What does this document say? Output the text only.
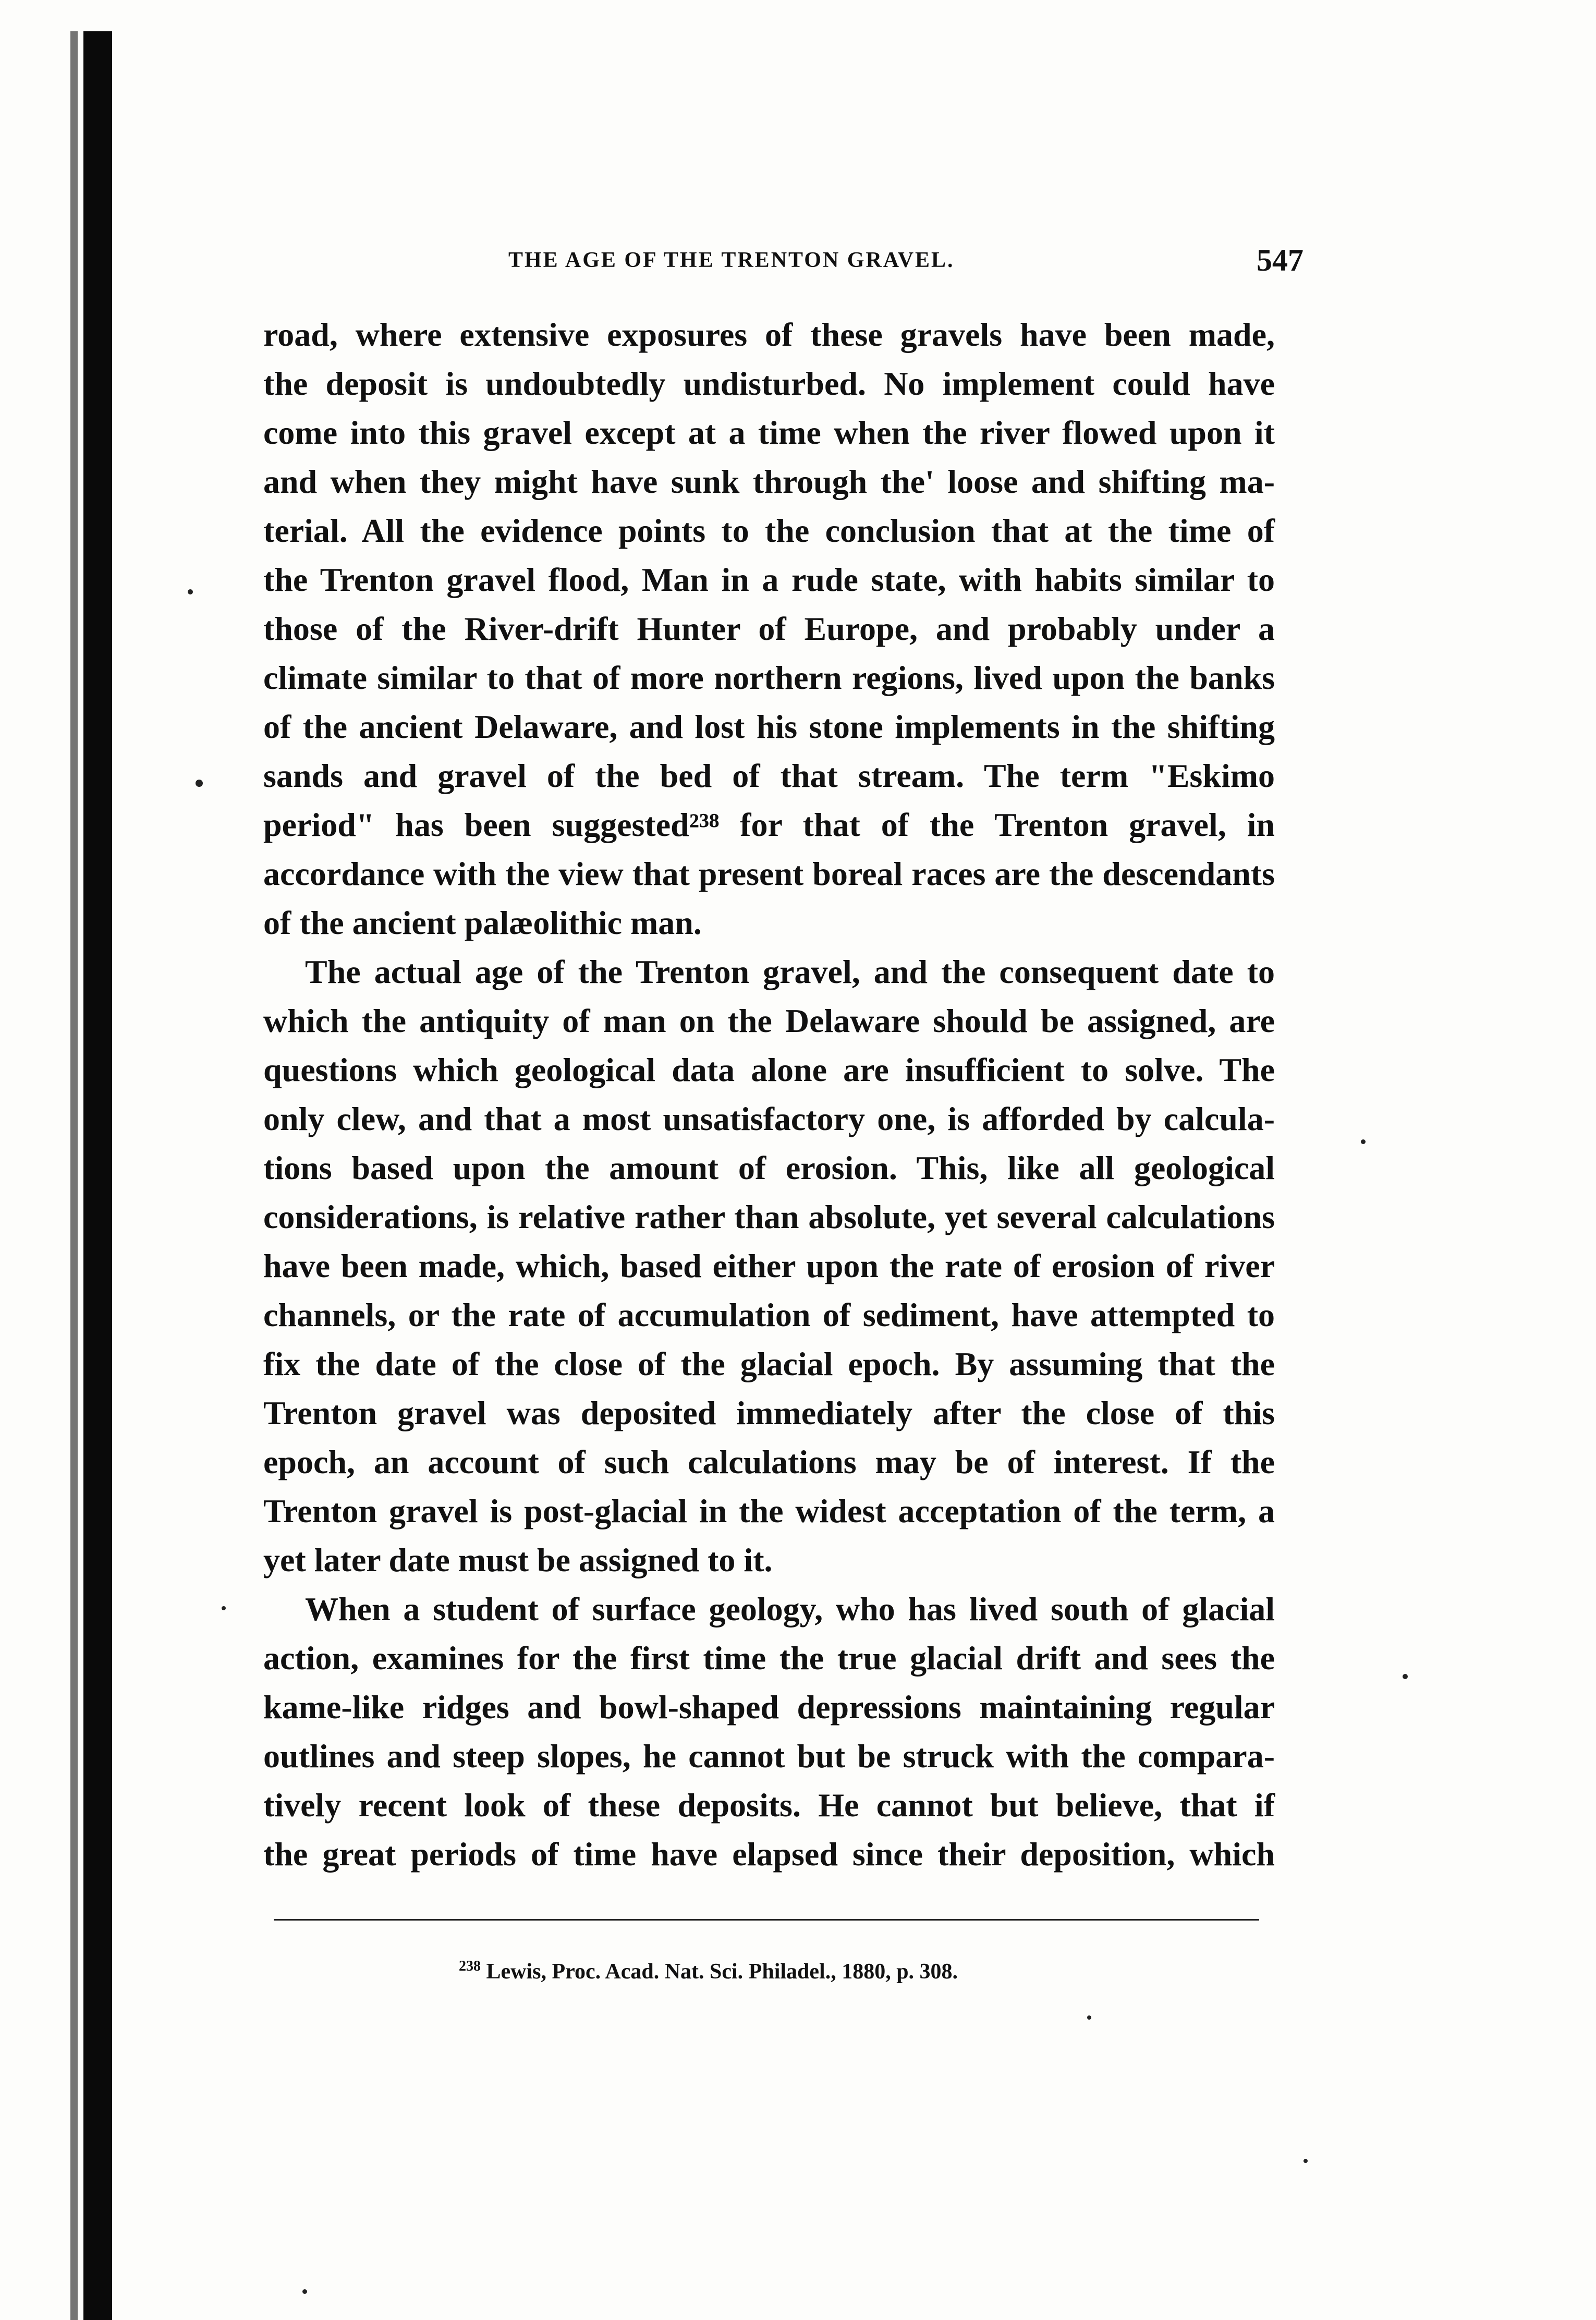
THE AGE OF THE TRENTON GRAVEL.	547

road, where extensive exposures of these gravels have been made,
the deposit is undoubtedly undisturbed. No implement could have
come into this gravel except at a time when the river flowed upon it
and when they might have sunk through the' loose and shifting ma-
terial. All the evidence points to the conclusion that at the time of
the Trenton gravel flood, Man in a rude state, with habits similar to
those of the River-drift Hunter of Europe, and probably under a
climate similar to that of more northern regions, lived upon the banks
of the ancient Delaware, and lost his stone implements in the shifting
sands and gravel of the bed of that stream. The term "Eskimo
period" has been suggested²³⁸ for that of the Trenton gravel, in
accordance with the view that present boreal races are the descendants
of the ancient palæolithic man.

The actual age of the Trenton gravel, and the consequent date to
which the antiquity of man on the Delaware should be assigned, are
questions which geological data alone are insufficient to solve. The
only clew, and that a most unsatisfactory one, is afforded by calcula-
tions based upon the amount of erosion. This, like all geological
considerations, is relative rather than absolute, yet several calculations
have been made, which, based either upon the rate of erosion of river
channels, or the rate of accumulation of sediment, have attempted to
fix the date of the close of the glacial epoch. By assuming that the
Trenton gravel was deposited immediately after the close of this
epoch, an account of such calculations may be of interest. If the
Trenton gravel is post-glacial in the widest acceptation of the term, a
yet later date must be assigned to it.

When a student of surface geology, who has lived south of glacial
action, examines for the first time the true glacial drift and sees the
kame-like ridges and bowl-shaped depressions maintaining regular
outlines and steep slopes, he cannot but be struck with the compara-
tively recent look of these deposits. He cannot but believe, that if
the great periods of time have elapsed since their deposition, which

$^{238}$ Lewis, Proc. Acad. Nat. Sci. Philadel., 1880, p. 308.
